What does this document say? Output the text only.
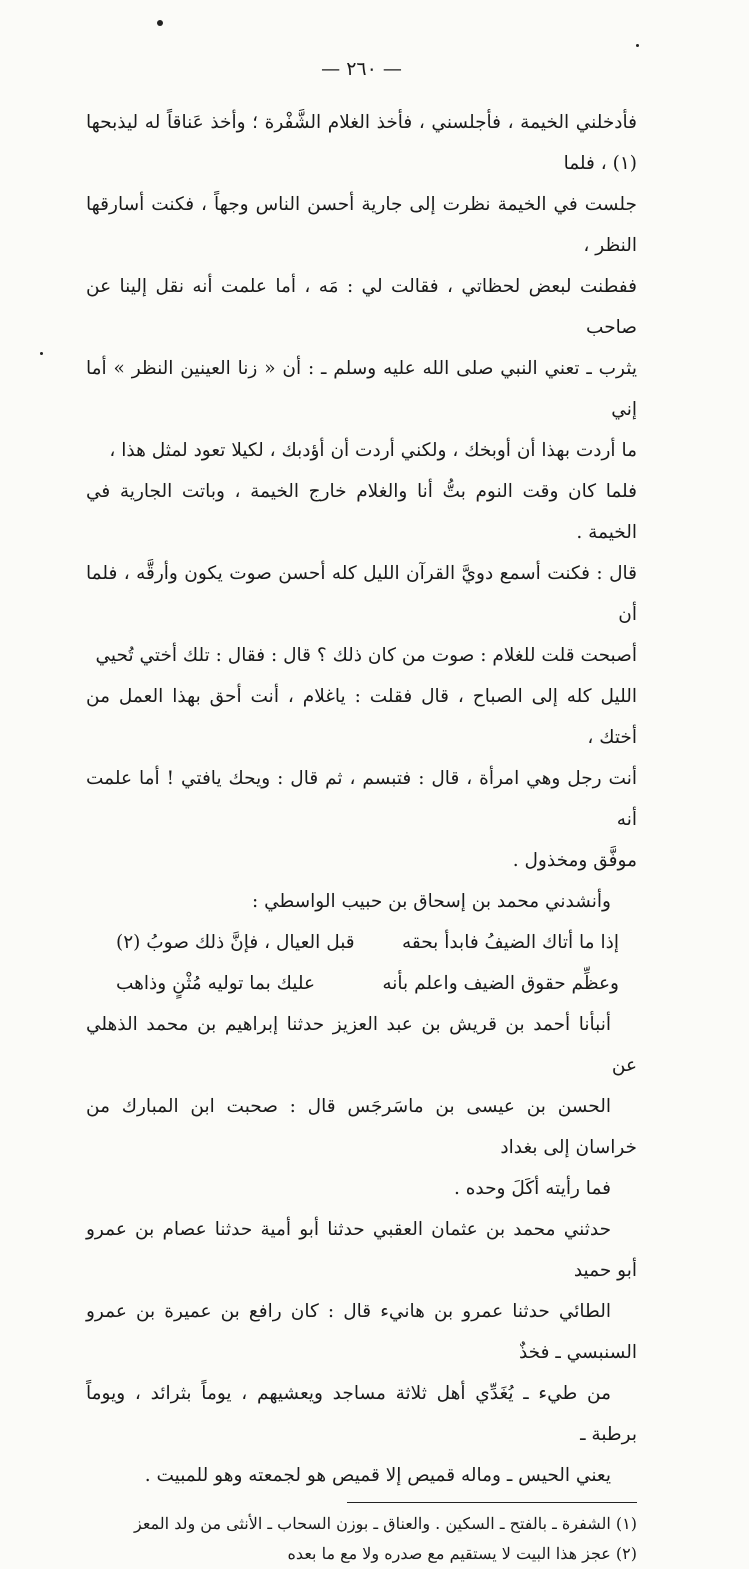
— ٢٦٠ —
فأدخلني الخيمة ، فأجلسني ، فأخذ الغلام الشَّفْرة ؛ وأخذ عَناقاً له ليذبحها (١) ، فلما
جلست في الخيمة نظرت إلى جارية أحسن الناس وجهاً ، فكنت أسارقها النظر ،
ففطنت لبعض لحظاتي ، فقالت لي : مَه ، أما علمت أنه نقل إلينا عن صاحب
يثرب ـ تعني النبي صلى الله عليه وسلم ـ : أن « زنا العينين النظر » أما إني
ما أردت بهذا أن أوبخك ، ولكني أردت أن أؤدبك ، لكيلا تعود لمثل هذا ،
فلما كان وقت النوم بتُّ أنا والغلام خارج الخيمة ، وباتت الجارية في الخيمة .
قال : فكنت أسمع دويَّ القرآن الليل كله أحسن صوت يكون وأرقَّه ، فلما أن
أصبحت قلت للغلام : صوت من كان ذلك ؟ قال : فقال : تلك أختي تُحيي
الليل كله إلى الصباح ، قال فقلت : ياغلام ، أنت أحق بهذا العمل من أختك ،
أنت رجل وهي امرأة ، قال : فتبسم ، ثم قال : ويحك يافتي ! أما علمت أنه
موفَّق ومخذول .
وأنشدني محمد بن إسحاق بن حبيب الواسطي :
إذا ما أتاك الضيفُ فابدأ بحقه
قبل العيال ، فإنَّ ذلك صوبُ (٢)
وعظِّم حقوق الضيف واعلم بأنه
عليك بما توليه مُثْنٍ وذاهب
أنبأنا أحمد بن قريش بن عبد العزيز حدثنا إبراهيم بن محمد الذهلي عن
الحسن بن عيسى بن ماسَرجَس قال : صحبت ابن المبارك من خراسان إلى بغداد
فما رأيته أكَلَ وحده .
حدثني محمد بن عثمان العقبي حدثنا أبو أمية حدثنا عصام بن عمرو أبو حميد
الطائي حدثنا عمرو بن هانيء قال : كان رافع بن عميرة بن عمرو السنبسي ـ فخذٌ
من طيء ـ يُغَدِّي أهل ثلاثة مساجد ويعشيهم ، يوماً بثرائد ، ويوماً برطبة ـ
يعني الحيس ـ وماله قميص إلا قميص هو لجمعته وهو للمبيت .
(١) الشفرة ـ بالفتح ـ السكين . والعناق ـ بوزن السحاب ـ الأنثى من ولد المعز
(٢) عجز هذا البيت لا يستقيم مع صدره ولا مع ما بعده
